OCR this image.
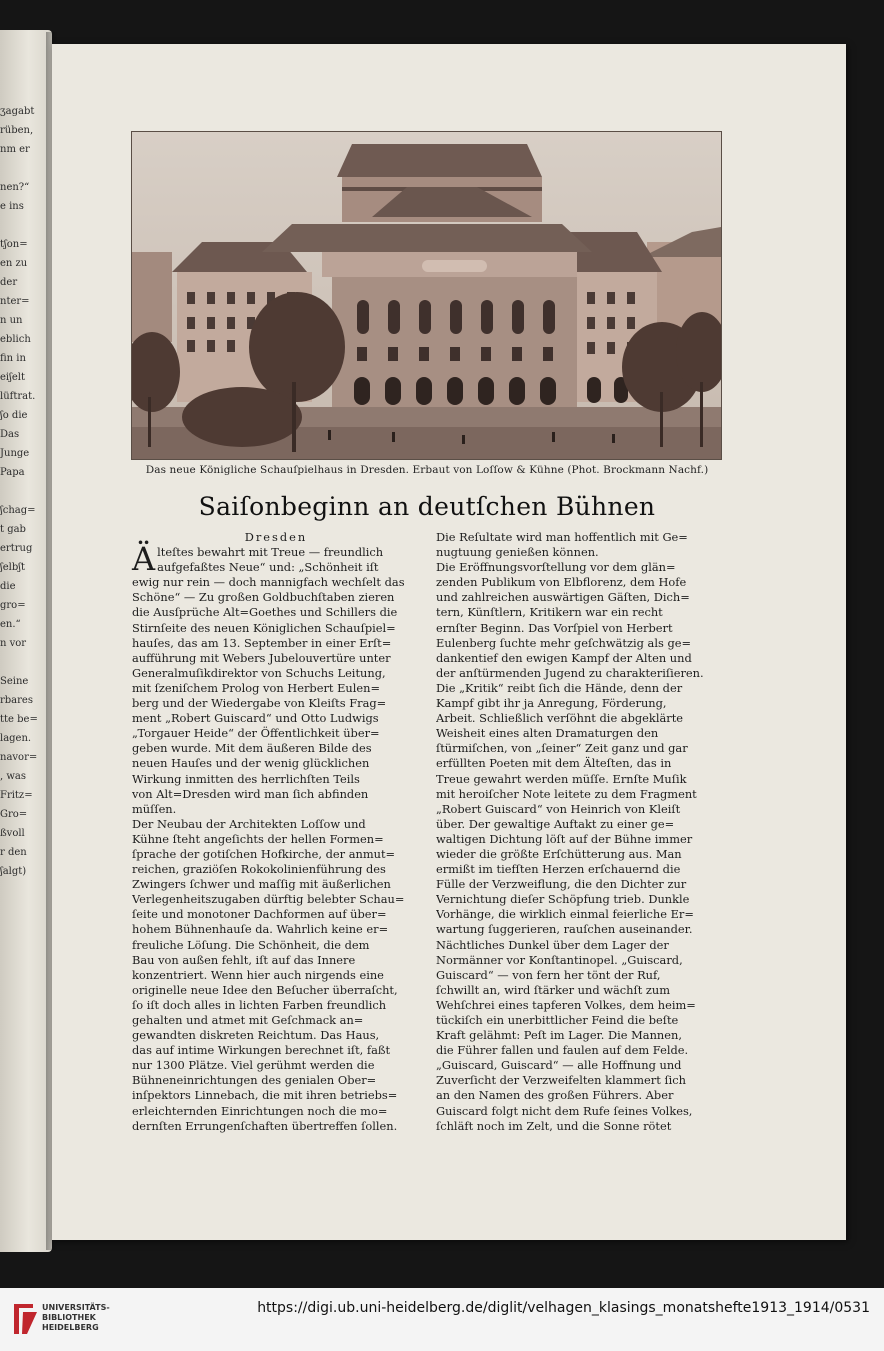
ʒagabt
rüben,
nm er
nen?“
e ins
tʃon=
en zu
der
nter=
n un
eblich
fin in
eiʃelt
lüftrat.
ʃo die
Das
Junge
Papa
ʃchag=
t gab
ertrug
ʃelbʃt
die
gro=
en.“
n vor
Seine
rbares
tte be=
lagen.
navor=
, was
Fritz=
Gro=
ßvoll
r den
ʃalgt)
Das neue Königliche Schauſpielhaus in Dresden. Erbaut von Loſſow & Kühne (Phot. Brockmann Nachf.)
Saiſonbeginn an deutſchen Bühnen
Dresden
Ä lteſtes bewahrt mit Treue — freundlich
aufgefaßtes Neue“ und: „Schönheit iſt
ewig nur rein — doch mannigfach wechſelt das
Schöne“ — Zu großen Goldbuchſtaben zieren
die Ausſprüche Alt=Goethes und Schillers die
Stirnſeite des neuen Königlichen Schauſpiel=
hauſes, das am 13. September in einer Erſt=
aufführung mit Webers Jubelouvertüre unter
Generalmuſikdirektor von Schuchs Leitung,
mit ſzeniſchem Prolog von Herbert Eulen=
berg und der Wiedergabe von Kleiſts Frag=
ment „Robert Guiscard“ und Otto Ludwigs
„Torgauer Heide“ der Öffentlichkeit über=
geben wurde. Mit dem äußeren Bilde des
neuen Hauſes und der wenig glücklichen
Wirkung inmitten des herrlichſten Teils
von Alt=Dresden wird man ſich abfinden
müſſen.
Der Neubau der Architekten Loſſow und
Kühne ſteht angeſichts der hellen Formen=
ſprache der gotiſchen Hofkirche, der anmut=
reichen, graziöſen Rokokolinienführung des
Zwingers ſchwer und maſſig mit äußerlichen
Verlegenheitszugaben dürftig belebter Schau=
ſeite und monotoner Dachformen auf über=
hohem Bühnenhauſe da. Wahrlich keine er=
freuliche Löſung. Die Schönheit, die dem
Bau von außen fehlt, iſt auf das Innere
konzentriert. Wenn hier auch nirgends eine
originelle neue Idee den Beſucher überraſcht,
ſo iſt doch alles in lichten Farben freundlich
gehalten und atmet mit Geſchmack an=
gewandten diskreten Reichtum. Das Haus,
das auf intime Wirkungen berechnet iſt, faßt
nur 1300 Plätze. Viel gerühmt werden die
Bühneneinrichtungen des genialen Ober=
inſpektors Linnebach, die mit ihren betriebs=
erleichternden Einrichtungen noch die mo=
dernſten Errungenſchaften übertreffen ſollen.
Die Reſultate wird man hoffentlich mit Ge=
nugtuung genießen können.
Die Eröffnungsvorſtellung vor dem glän=
zenden Publikum von Elbflorenz, dem Hofe
und zahlreichen auswärtigen Gäſten, Dich=
tern, Künſtlern, Kritikern war ein recht
ernſter Beginn. Das Vorſpiel von Herbert
Eulenberg ſuchte mehr geſchwätzig als ge=
dankentief den ewigen Kampf der Alten und
der anſtürmenden Jugend zu charakteriſieren.
Die „Kritik“ reibt ſich die Hände, denn der
Kampf gibt ihr ja Anregung, Förderung,
Arbeit. Schließlich verſöhnt die abgeklärte
Weisheit eines alten Dramaturgen den
ſtürmiſchen, von „ſeiner“ Zeit ganz und gar
erfüllten Poeten mit dem Älteſten, das in
Treue gewahrt werden müſſe. Ernſte Muſik
mit heroiſcher Note leitete zu dem Fragment
„Robert Guiscard“ von Heinrich von Kleiſt
über. Der gewaltige Auftakt zu einer ge=
waltigen Dichtung löſt auf der Bühne immer
wieder die größte Erſchütterung aus. Man
ermißt im tiefſten Herzen erſchauernd die
Fülle der Verzweiflung, die den Dichter zur
Vernichtung dieſer Schöpfung trieb. Dunkle
Vorhänge, die wirklich einmal feierliche Er=
wartung ſuggerieren, rauſchen auseinander.
Nächtliches Dunkel über dem Lager der
Normänner vor Konſtantinopel. „Guiscard,
Guiscard“ — von fern her tönt der Ruf,
ſchwillt an, wird ſtärker und wächſt zum
Wehſchrei eines tapferen Volkes, dem heim=
tückiſch ein unerbittlicher Feind die beſte
Kraft gelähmt: Peſt im Lager. Die Mannen,
die Führer fallen und faulen auf dem Felde.
„Guiscard, Guiscard“ — alle Hoffnung und
Zuverſicht der Verzweifelten klammert ſich
an den Namen des großen Führers. Aber
Guiscard folgt nicht dem Rufe ſeines Volkes,
ſchläft noch im Zelt, und die Sonne rötet
UNIVERSITÄTS-
BIBLIOTHEK
HEIDELBERG
https://digi.ub.uni-heidelberg.de/diglit/velhagen_klasings_monatshefte1913_1914/0531
